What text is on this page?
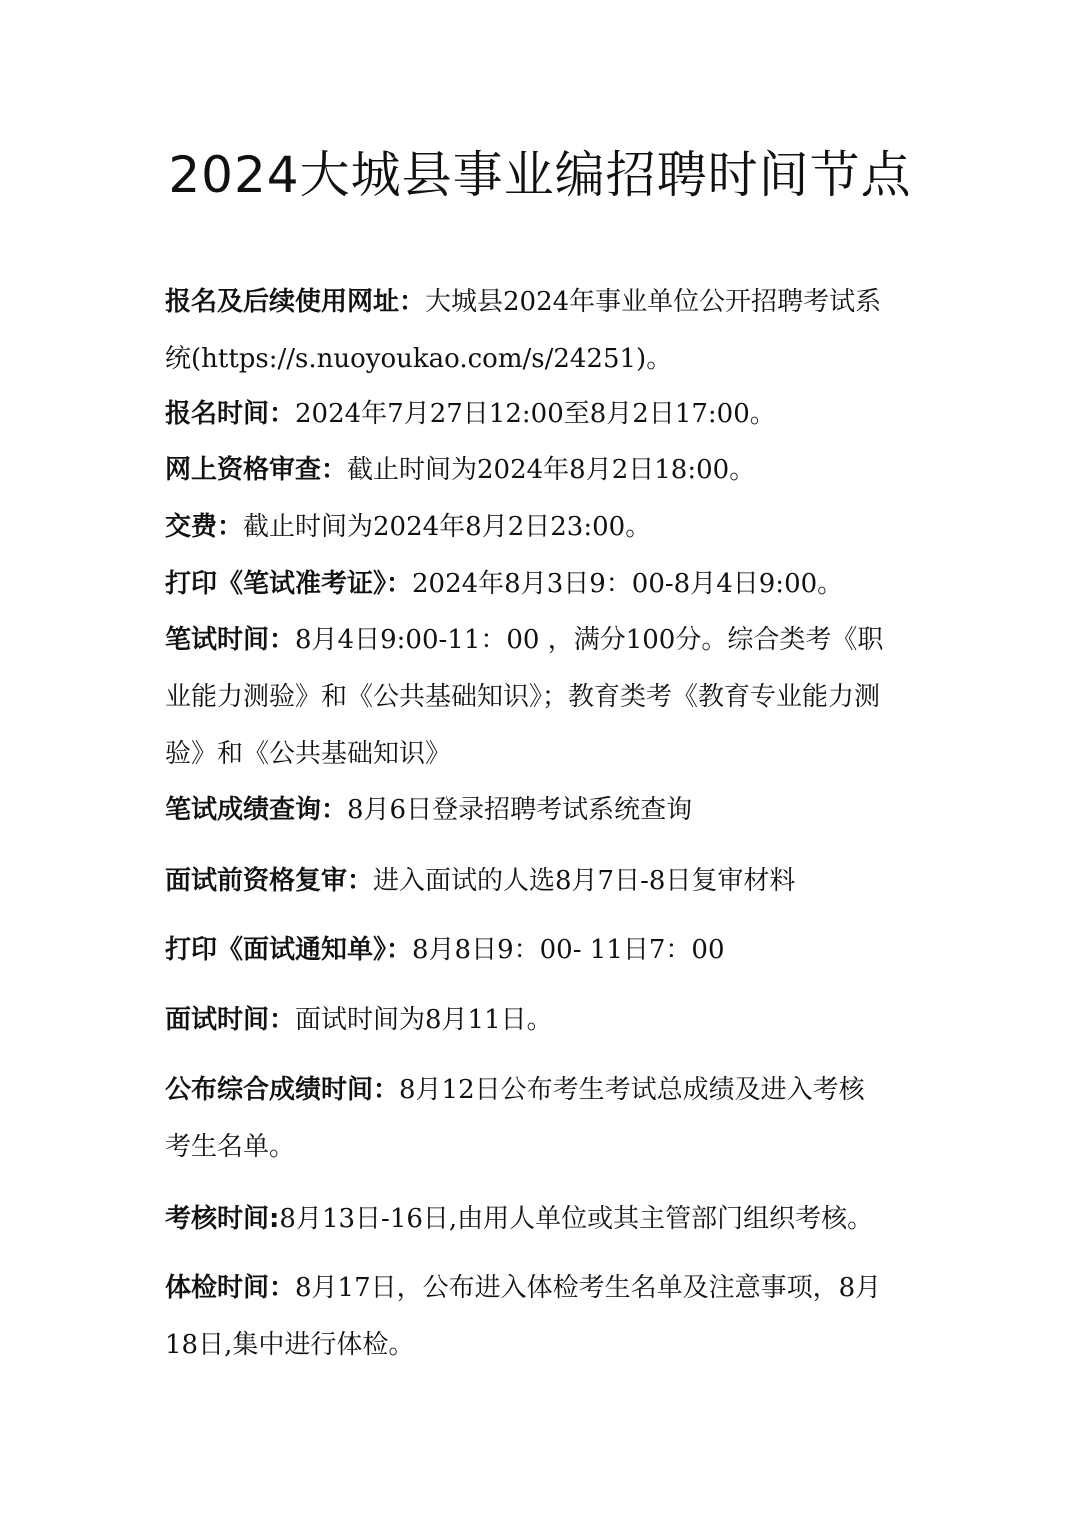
2024大城县事业编招聘时间节点
报名及后续使用网址：大城县2024年事业单位公开招聘考试系
统(https://s.nuoyoukao.com/s/24251)。
报名时间：2024年7月27日12:00至8月2日17:00。
网上资格审查：截止时间为2024年8月2日18:00。
交费：截止时间为2024年8月2日23:00。
打印《笔试准考证》：2024年8月3日9：00-8月4日9:00。
笔试时间：8月4日9:00-11：00 ，满分100分。综合类考《职
业能力测验》和《公共基础知识》；教育类考《教育专业能力测
验》和《公共基础知识》
笔试成绩查询：8月6日登录招聘考试系统查询
面试前资格复审：进入面试的人选8月7日-8日复审材料
打印《面试通知单》：8月8日9：00- 11日7：00
面试时间：面试时间为8月11日。
公布综合成绩时间：8月12日公布考生考试总成绩及进入考核
考生名单。
考核时间:8月13日-16日,由用人单位或其主管部门组织考核。
体检时间：8月17日，公布进入体检考生名单及注意事项，8月
18日,集中进行体检。
